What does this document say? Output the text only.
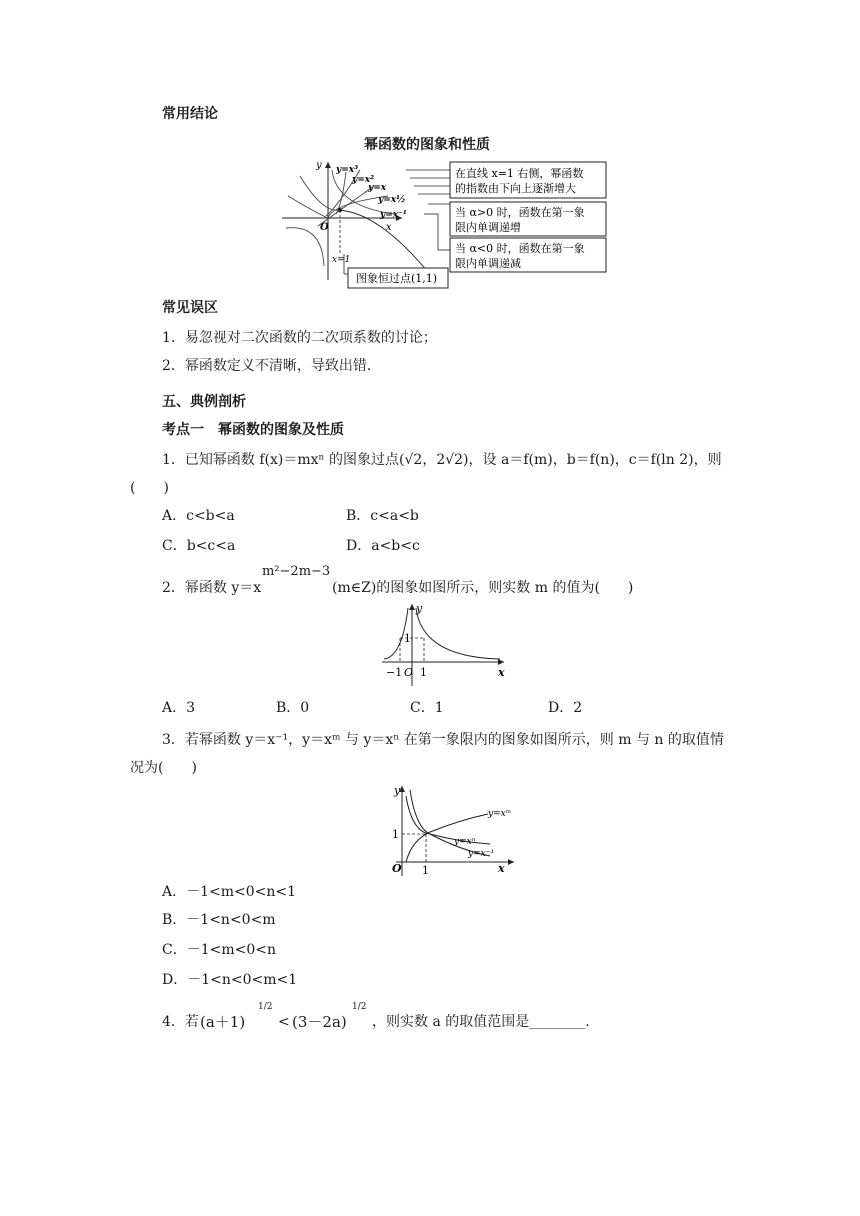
常用结论
幂函数的图象和性质
y
x
O
x=1
y=x³
y=x²
y=x
y=x½
y=x⁻¹
在直线 x=1 右侧，幂函数
的指数由下向上逐渐增大
当 α>0 时，函数在第一象
限内单调递增
当 α<0 时，函数在第一象
限内单调递减
图象恒过点(1,1)
常见误区
1．易忽视对二次函数的二次项系数的讨论；
2．幂函数定义不清晰，导致出错．
五、典例剖析
考点一　幂函数的图象及性质
1．已知幂函数 f(x)＝mxⁿ 的图象过点(√2，2√2)，设 a＝f(m)，b＝f(n)，c＝f(ln 2)，则
(　　)
A．c<b<a	B．c<a<b
C．b<c<a	D．a<b<c
m²−2m−3
2．幂函数 y＝x	(m∈Z)的图象如图所示，则实数 m 的值为(　　)
y
x
1
−1 O 1
A．3	B．0	C．1	D．2
3．若幂函数 y＝x⁻¹，y＝xᵐ 与 y＝xⁿ 在第一象限内的图象如图所示，则 m 与 n 的取值情
况为(　　)
y
x
O 1
1
y=xᵐ
y=xⁿ
y=x⁻¹
A．－1<m<0<n<1
B．－1<n<0<m
C．－1<m<0<n
D．－1<n<0<m<1
4．若 (a＋1)
1/2
< (3－2a)
1/2
，则实数 a 的取值范围是________.
